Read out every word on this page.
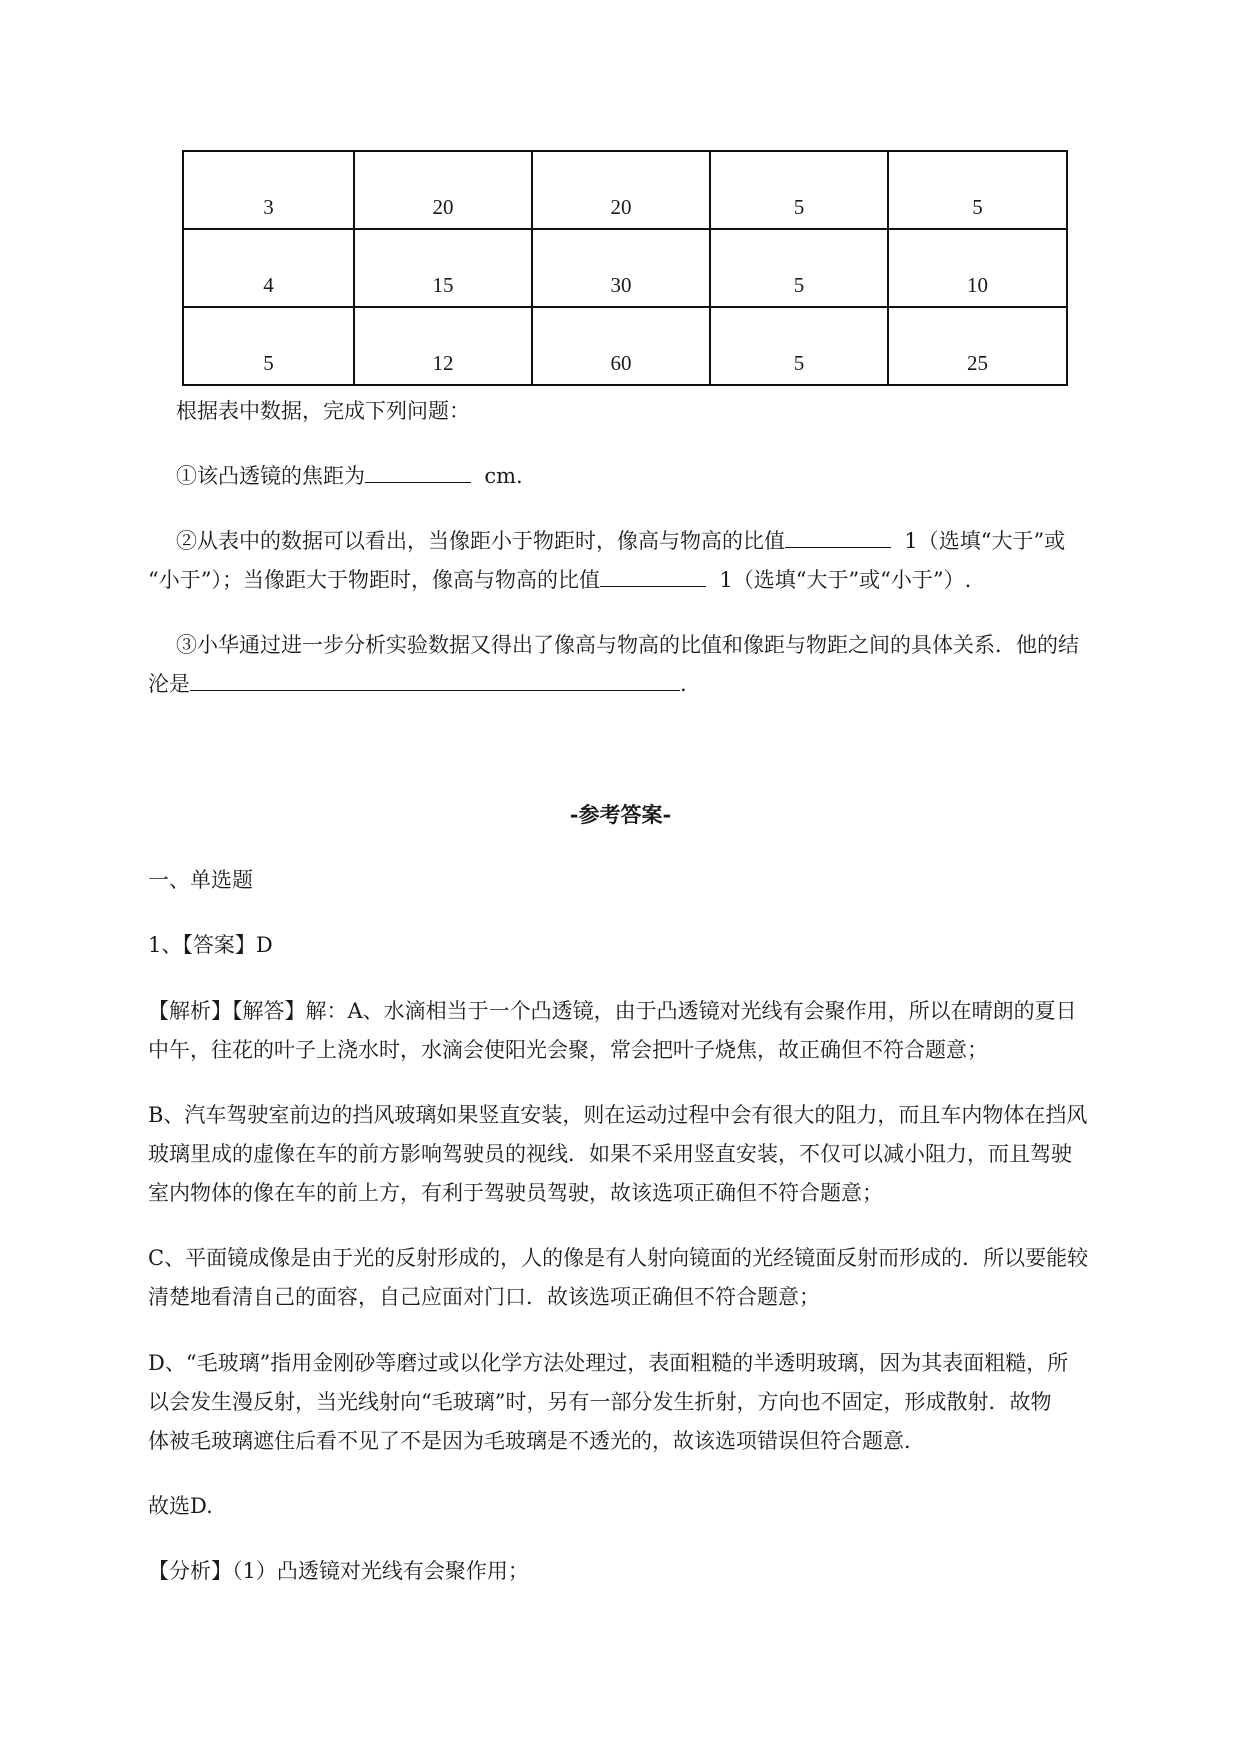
3	20	20	5	5
4	15	30	5	10
5	12	60	5	25
根据表中数据，完成下列问题：
①该凸透镜的焦距为	cm.
②从表中的数据可以看出，当像距小于物距时，像高与物高的比值	1（选填“大于”或
“小于”）；当像距大于物距时，像高与物高的比值	1（选填“大于”或“小于”）.
③小华通过进一步分析实验数据又得出了像高与物高的比值和像距与物距之间的具体关系．他的结
沦是	.
-参考答案-
一、单选题
1、【答案】D
【解析】【解答】解：A、水滴相当于一个凸透镜，由于凸透镜对光线有会聚作用，所以在晴朗的夏日
中午，往花的叶子上浇水时，水滴会使阳光会聚，常会把叶子烧焦，故正确但不符合题意；
B、汽车驾驶室前边的挡风玻璃如果竖直安装，则在运动过程中会有很大的阻力，而且车内物体在挡风
玻璃里成的虚像在车的前方影响驾驶员的视线．如果不采用竖直安装，不仅可以减小阻力，而且驾驶
室内物体的像在车的前上方，有利于驾驶员驾驶，故该选项正确但不符合题意；
C、平面镜成像是由于光的反射形成的，人的像是有人射向镜面的光经镜面反射而形成的．所以要能较
清楚地看清自己的面容，自己应面对门口．故该选项正确但不符合题意；
D、“毛玻璃”指用金刚砂等磨过或以化学方法处理过，表面粗糙的半透明玻璃，因为其表面粗糙，所
以会发生漫反射，当光线射向“毛玻璃”时，另有一部分发生折射，方向也不固定，形成散射．故物
体被毛玻璃遮住后看不见了不是因为毛玻璃是不透光的，故该选项错误但符合题意．
故选D.
【分析】（1）凸透镜对光线有会聚作用；
